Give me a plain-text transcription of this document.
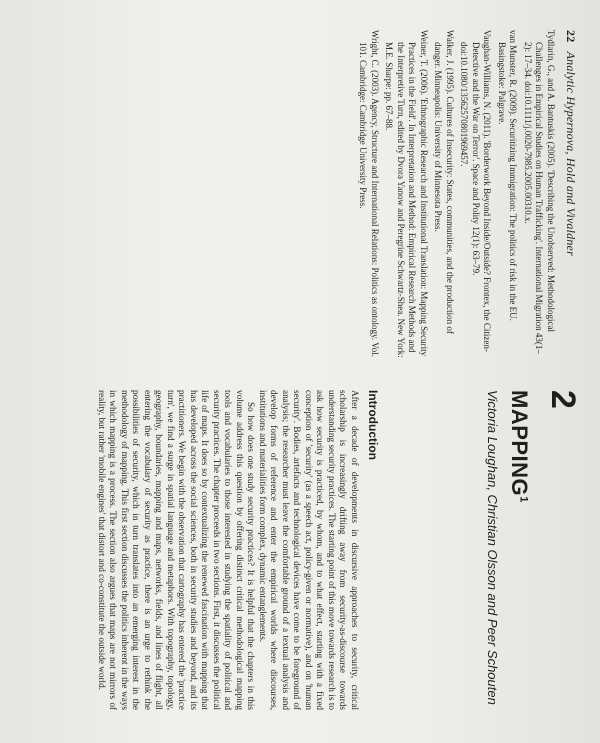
22 Analytic Hypernova, Hold and Vivaldner
Tydlarin, G., and A. Bantuskis (2005). 'Describing the Unobserved: Methodological Challenges in Empirical Studies on Human Trafficking'. International Migration 43(1–2): 17–34. doi:10.1111/j.0020-7985.2005.00310.x.
van Munster, R. (2009). Securitizing Immigration: The politics of risk in the EU. Basingstoke: Palgrave.
Vaughan-Williams, N. (2011). 'Borderwork Beyond Inside/Outside? Frontex, the Citizen-Detective and the War on Terror'. Space and Polity 12(1): 63–79. doi:10.1080/13562570801969457.
Walker, J. (1995). Cultures of Insecurity: States, communities, and the production of danger. Minneapolis: University of Minnesota Press.
Weiner, T. (2006). 'Ethnographic Research and Institutional Translation: Mapping Security Practices in the Field'. In Interpretation and Method: Empirical Research Methods and the Interpretive Turn, edited by Dvora Yanow and Peregrine Schwartz-Shea. New York: M.E. Sharpe: pp. 67–88.
Wright, C. (2003). Agency, Structure and International Relations: Politics as ontology. Vol. 101. Cambridge: Cambridge University Press.
2
MAPPING$^1$
Victoria Loughan, Christian Olsson and Peer Schouten
Introduction

After a decade of developments in discursive approaches to security, critical scholarship is increasingly drifting away from security-as-discourse towards understanding security practices. The starting point of this move towards research is to ask how security is practiced, by whom, and to what effect, starting with a fixed conception of 'security' (as a speech act, policy-given or normative), and on 'human security'. Bodies, artefacts and technological devices have come to be foreground of analysis; the researcher must leave the comfortable ground of a textual analysis and develop forms of reference and enter the empirical worlds where discourses, institutions and materialities form complex, dynamic entanglements.

So how does one study security practices? It is helpful that the chapters in this volume address this question by offering distinct critical methodological mapping tools and vocabularies to those interested in studying the spatiality of political and security practices. The chapter proceeds in two sections. First, it discusses the political life of maps. It does so by contextualizing the renewed fascination with mapping that has developed across the social sciences, both in security studies and beyond, and its practitioners. We begin with the observation that cartography has entered the 'practice turn', we find a surge in spatial language and metaphors. With topography, topology, geography, boundaries, mapping and maps, networks, fields, and lines of flight, all entering the vocabulary of security as practice, there is an urge to rethink the possibilities of security, which in turn translates into an emerging interest in the methodology of mapping. This first section discusses the politics inherent in the ways in which mapping is a process. The section also argues that maps are not mirrors of reality, but rather 'mobile engines' that distort and co-constitute the outside world.
